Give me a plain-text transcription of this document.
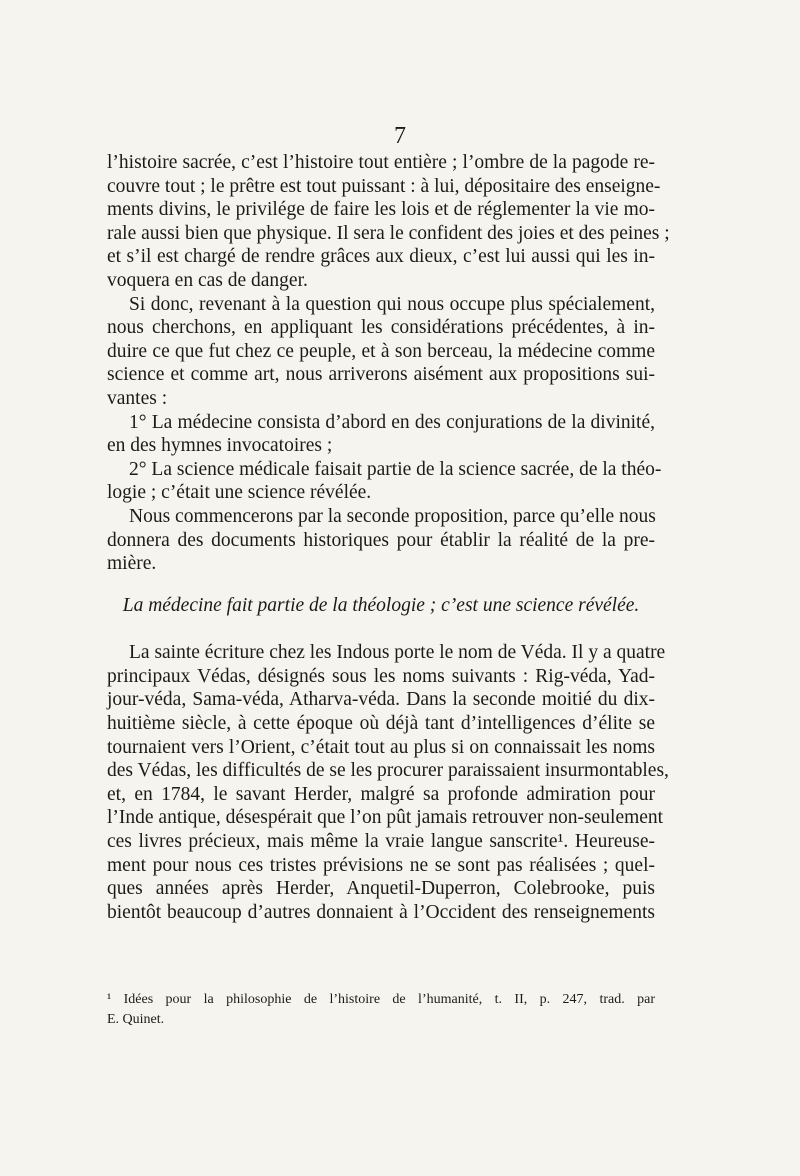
7
l’histoire sacrée, c’est l’histoire tout entière ; l’ombre de la pagode re-
couvre tout ; le prêtre est tout puissant : à lui, dépositaire des enseigne-
ments divins, le privilége de faire les lois et de réglementer la vie mo-
rale aussi bien que physique. Il sera le confident des joies et des peines ;
et s’il est chargé de rendre grâces aux dieux, c’est lui aussi qui les in-
voquera en cas de danger.
Si donc, revenant à la question qui nous occupe plus spécialement,
nous cherchons, en appliquant les considérations précédentes, à in-
duire ce que fut chez ce peuple, et à son berceau, la médecine comme
science et comme art, nous arriverons aisément aux propositions sui-
vantes :
1° La médecine consista d’abord en des conjurations de la divinité,
en des hymnes invocatoires ;
2° La science médicale faisait partie de la science sacrée, de la théo-
logie ; c’était une science révélée.
Nous commencerons par la seconde proposition, parce qu’elle nous
donnera des documents historiques pour établir la réalité de la pre-
mière.
La médecine fait partie de la théologie ; c’est une science révélée.
La sainte écriture chez les Indous porte le nom de Véda. Il y a quatre
principaux Védas, désignés sous les noms suivants : Rig-véda, Yad-
jour-véda, Sama-véda, Atharva-véda. Dans la seconde moitié du dix-
huitième siècle, à cette époque où déjà tant d’intelligences d’élite se
tournaient vers l’Orient, c’était tout au plus si on connaissait les noms
des Védas, les difficultés de se les procurer paraissaient insurmontables,
et, en 1784, le savant Herder, malgré sa profonde admiration pour
l’Inde antique, désespérait que l’on pût jamais retrouver non-seulement
ces livres précieux, mais même la vraie langue sanscrite¹. Heureuse-
ment pour nous ces tristes prévisions ne se sont pas réalisées ; quel-
ques années après Herder, Anquetil-Duperron, Colebrooke, puis
bientôt beaucoup d’autres donnaient à l’Occident des renseignements
¹ Idées pour la philosophie de l’histoire de l’humanité, t. II, p. 247, trad. par
E. Quinet.
